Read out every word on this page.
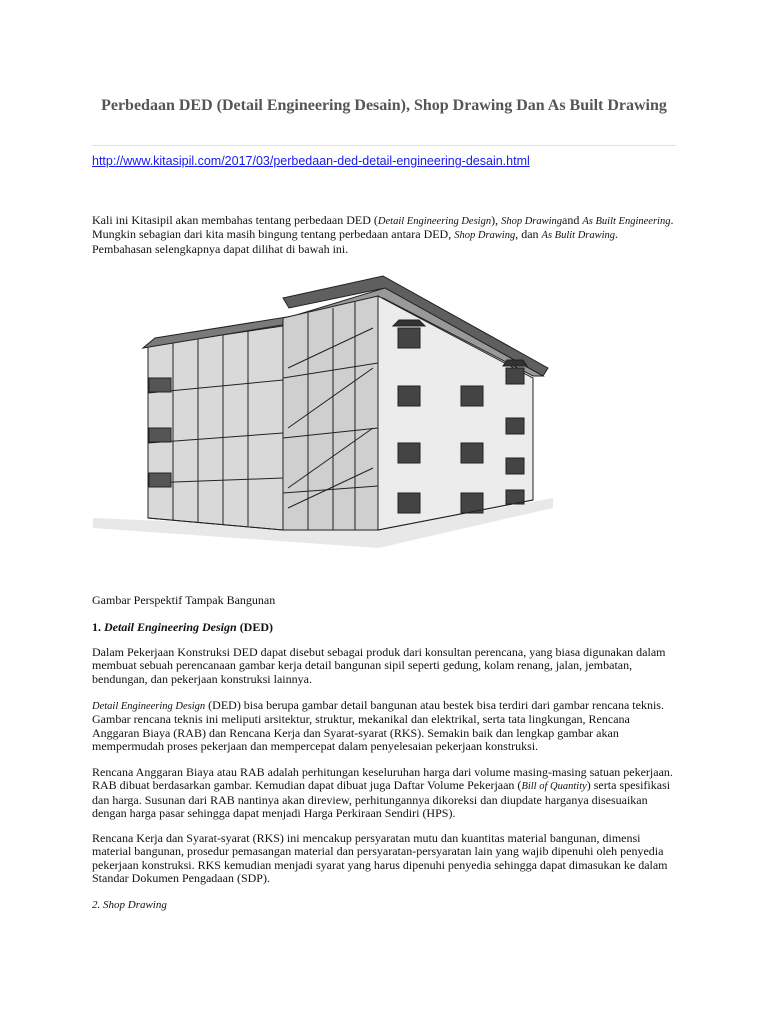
Perbedaan DED (Detail Engineering Desain), Shop Drawing Dan As Built Drawing
http://www.kitasipil.com/2017/03/perbedaan-ded-detail-engineering-desain.html
Kali ini Kitasipil akan membahas tentang perbedaan DED (Detail Engineering Design), Shop Drawingand As Built Engineering. Mungkin sebagian dari kita masih bingung tentang perbedaan antara DED, Shop Drawing, dan As Bulit Drawing. Pembahasan selengkapnya dapat dilihat di bawah ini.
Gambar Perspektif Tampak Bangunan
1. Detail Engineering Design (DED)
Dalam Pekerjaan Konstruksi DED dapat disebut sebagai produk dari konsultan perencana, yang biasa digunakan dalam membuat sebuah perencanaan gambar kerja detail bangunan sipil seperti gedung, kolam renang, jalan, jembatan, bendungan, dan pekerjaan konstruksi lainnya.
Detail Engineering Design (DED) bisa berupa gambar detail bangunan atau bestek bisa terdiri dari gambar rencana teknis. Gambar rencana teknis ini meliputi arsitektur, struktur, mekanikal dan elektrikal, serta tata lingkungan, Rencana Anggaran Biaya (RAB) dan Rencana Kerja dan Syarat-syarat (RKS). Semakin baik dan lengkap gambar akan mempermudah proses pekerjaan dan mempercepat dalam penyelesaian pekerjaan konstruksi.
Rencana Anggaran Biaya atau RAB adalah perhitungan keseluruhan harga dari volume masing-masing satuan pekerjaan. RAB dibuat berdasarkan gambar. Kemudian dapat dibuat juga Daftar Volume Pekerjaan (Bill of Quantity) serta spesifikasi dan harga. Susunan dari RAB nantinya akan direview, perhitungannya dikoreksi dan diupdate harganya disesuaikan dengan harga pasar sehingga dapat menjadi Harga Perkiraan Sendiri (HPS).
Rencana Kerja dan Syarat-syarat (RKS) ini mencakup persyaratan mutu dan kuantitas material bangunan, dimensi material bangunan, prosedur pemasangan material dan persyaratan-persyaratan lain yang wajib dipenuhi oleh penyedia pekerjaan konstruksi. RKS kemudian menjadi syarat yang harus dipenuhi penyedia sehingga dapat dimasukan ke dalam Standar Dokumen Pengadaan (SDP).
2. Shop Drawing
